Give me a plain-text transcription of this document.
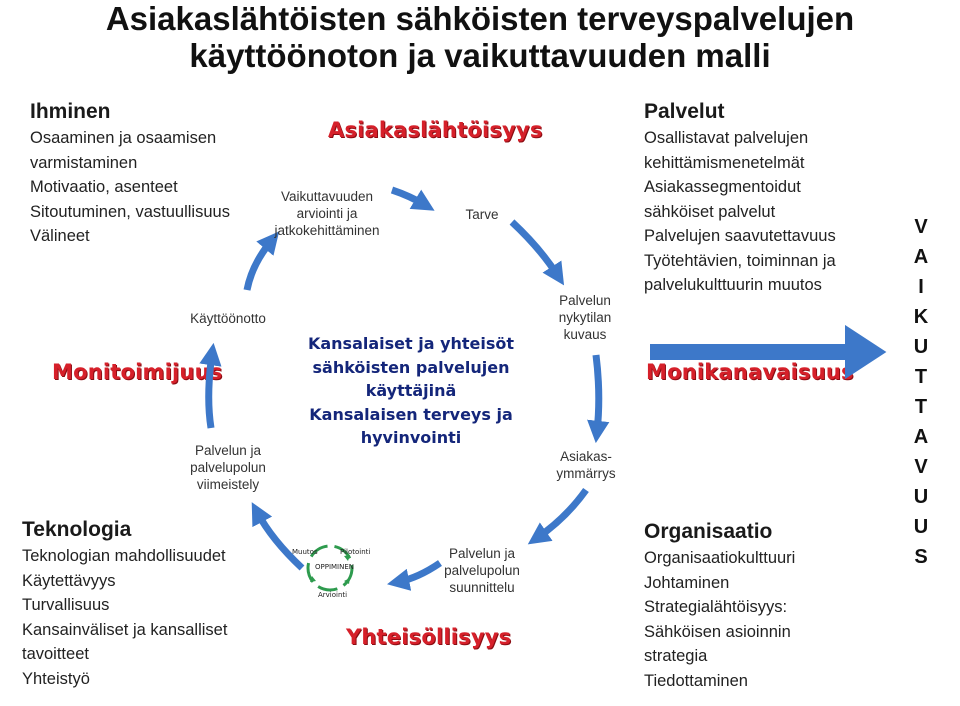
Asiakaslähtöisten sähköisten terveyspalvelujen
käyttöönoton ja vaikuttavuuden malli
Ihminen
Osaaminen ja osaamisen
varmistaminen
Motivaatio, asenteet
Sitoutuminen, vastuullisuus
Välineet
Teknologia
Teknologian mahdollisuudet
Käytettävyys
Turvallisuus
Kansainväliset ja kansalliset
tavoitteet
Yhteistyö
Palvelut
Osallistavat palvelujen
kehittämismenetelmät
Asiakassegmentoidut
sähköiset palvelut
Palvelujen saavutettavuus
Työtehtävien, toiminnan ja
palvelukulttuurin muutos
Organisaatio
Organisaatiokulttuuri
Johtaminen
Strategialähtöisyys:
Sähköisen asioinnin
strategia
Tiedottaminen
Asiakaslähtöisyys
Monitoimijuus	Monikanavaisuus
Yhteisöllisyys
Vaikuttavuuden
arviointi ja
jatkokehittäminen
Tarve
Palvelun
nykytilan
kuvaus
Asiakas-
ymmärrys
Palvelun ja
palvelupolun
suunnittelu
Palvelun ja
palvelupolun
viimeistely
Käyttöönotto
Kansalaiset ja yhteisöt
sähköisten palvelujen
käyttäjinä
Kansalaisen terveys ja
hyvinvointi
Muutos	Pilotointi
OPPIMINEN
Arviointi
V
A
I
K
U
T
T
A
V
U
U
S
